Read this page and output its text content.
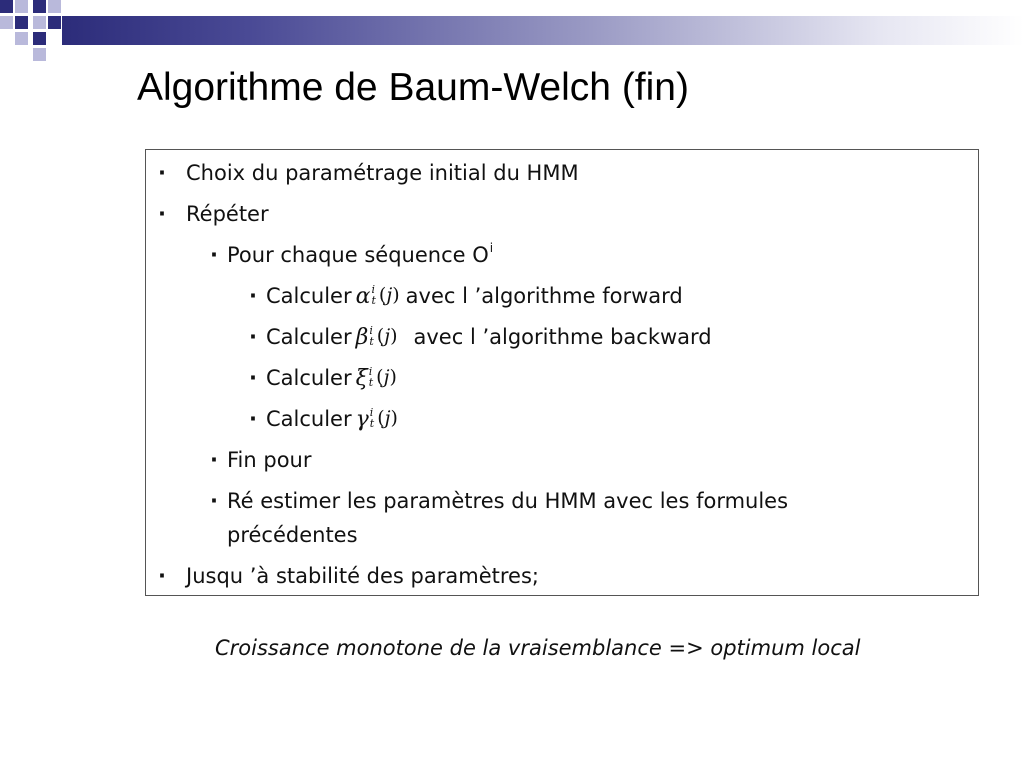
Algorithme de Baum-Welch (fin)
· Choix du paramétrage initial du HMM
· Répéter
· Pour chaque séquence $O^i$
· Calculer α i
t (j) avec l ’algorithme forward
· Calculer β i
t (j) avec l ’algorithme backward
· Calculer ξ i
t (j)
· Calculer γ i
t (j)
· Fin pour
· Ré estimer les paramètres du HMM avec les formules
précédentes
· Jusqu ’à stabilité des paramètres;
Croissance monotone de la vraisemblance => optimum local
